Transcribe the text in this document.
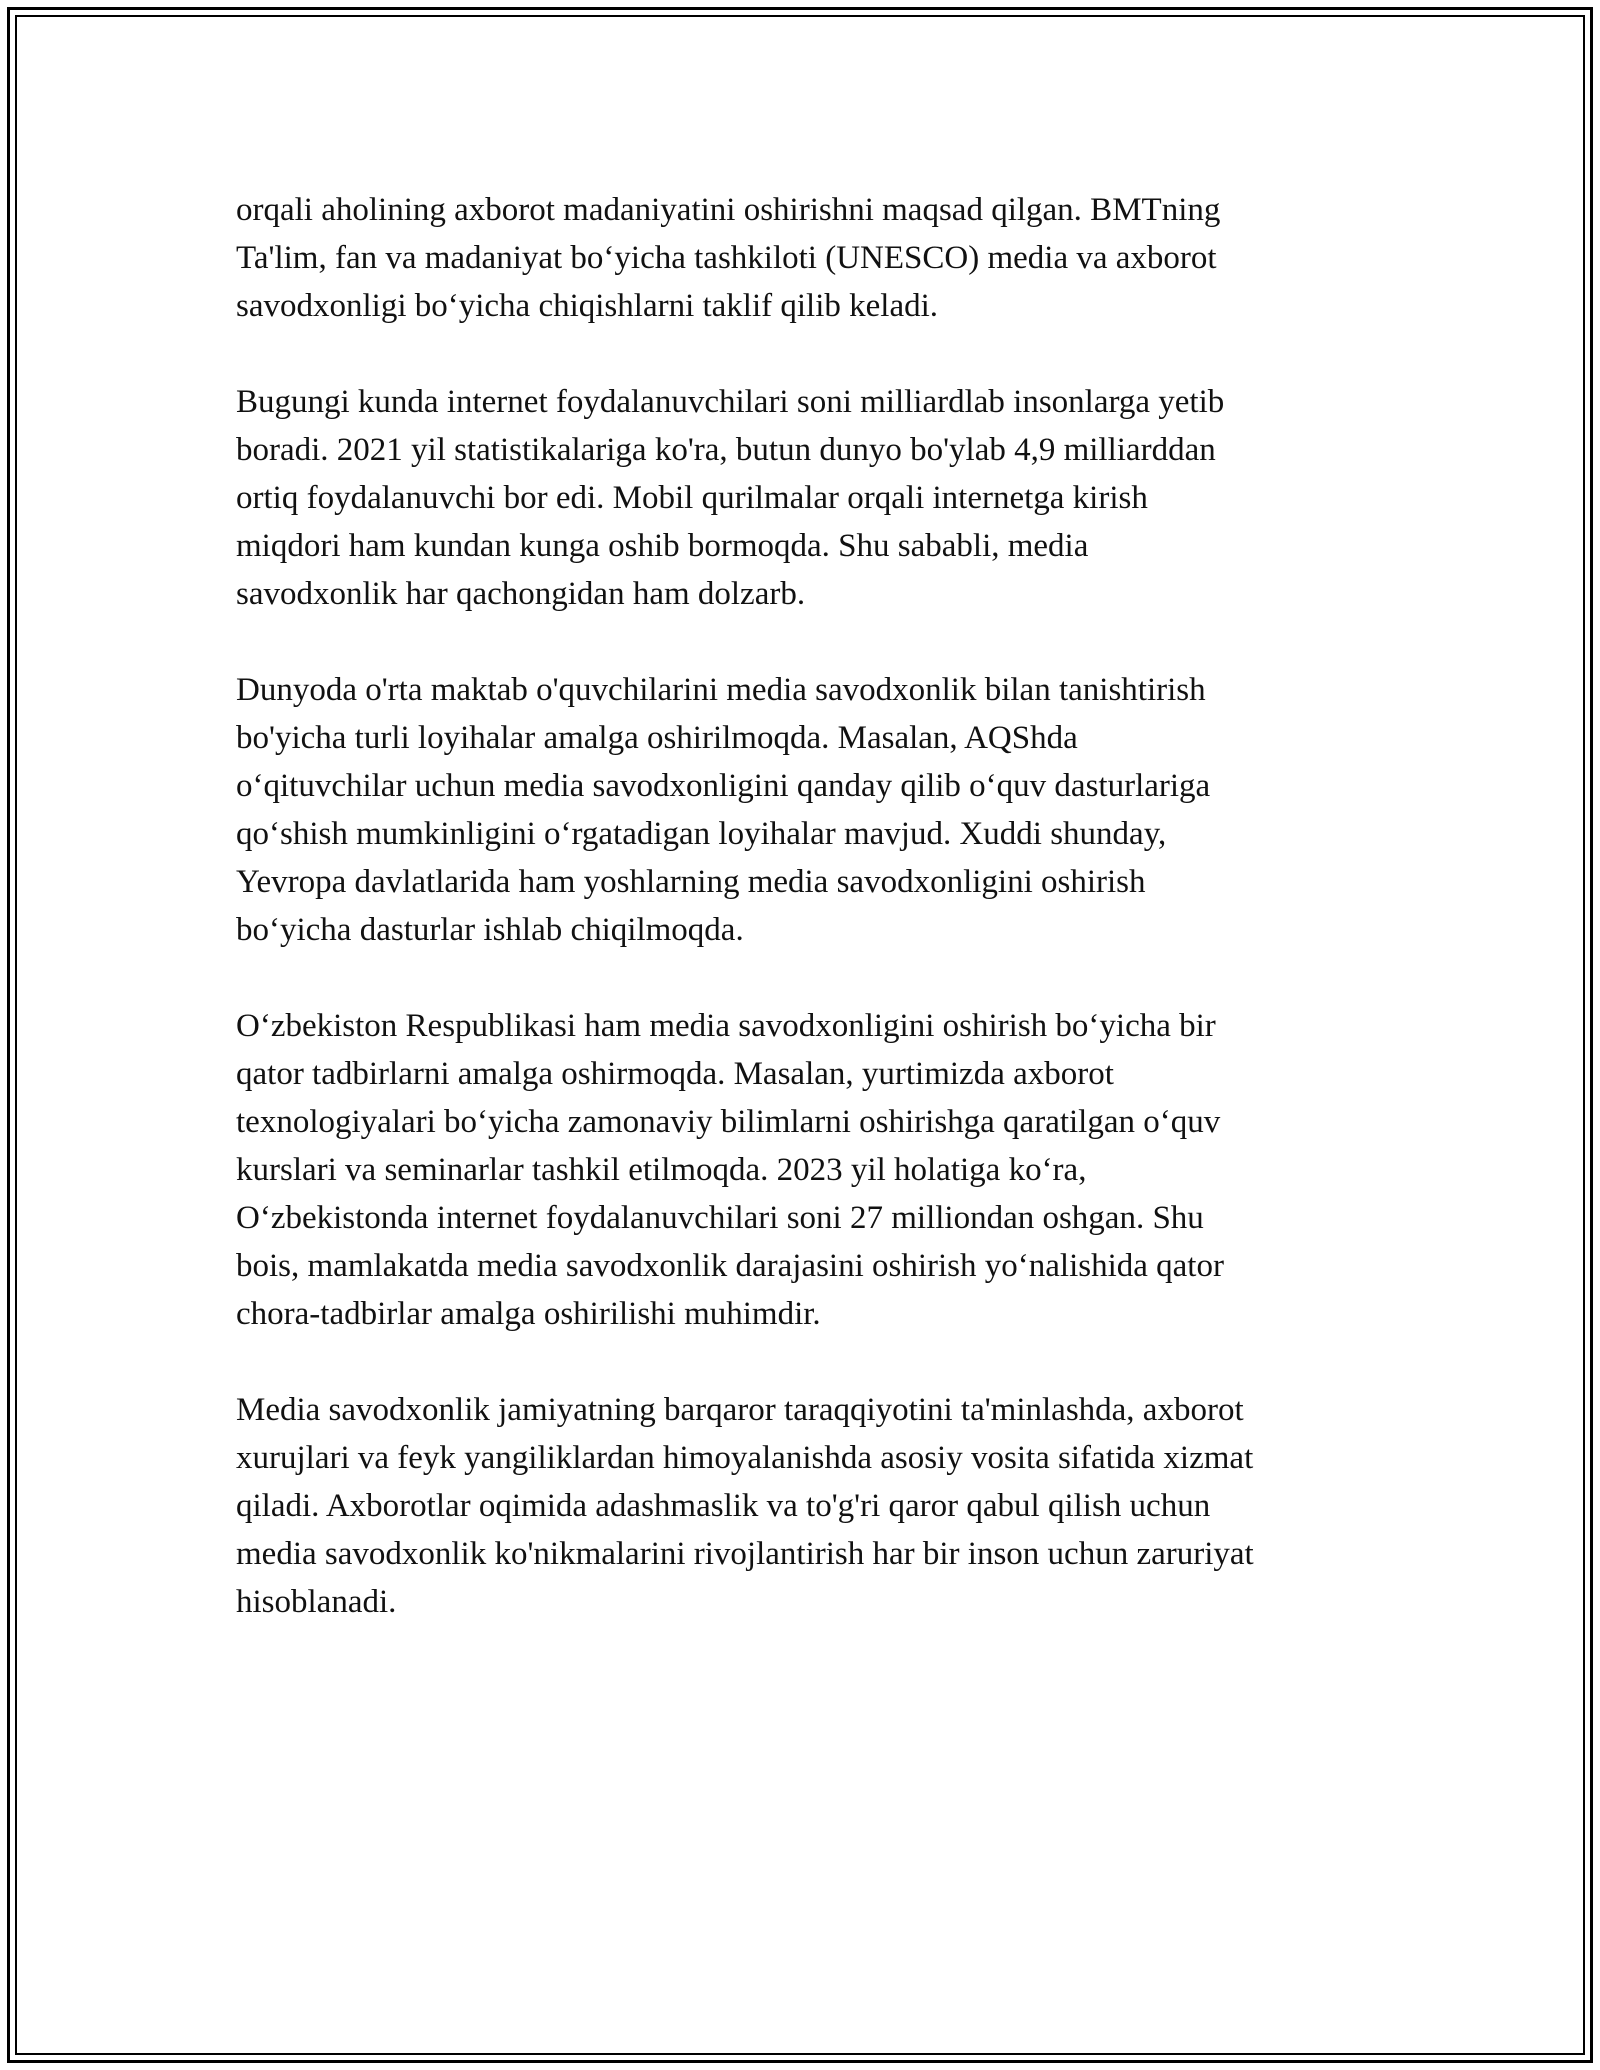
orqali aholining axborot madaniyatini oshirishni maqsad qilgan. BMTning
Ta'lim, fan va madaniyat bo‘yicha tashkiloti (UNESCO) media va axborot
savodxonligi bo‘yicha chiqishlarni taklif qilib keladi.

Bugungi kunda internet foydalanuvchilari soni milliardlab insonlarga yetib
boradi. 2021 yil statistikalariga ko'ra, butun dunyo bo'ylab 4,9 milliarddan
ortiq foydalanuvchi bor edi. Mobil qurilmalar orqali internetga kirish
miqdori ham kundan kunga oshib bormoqda. Shu sababli, media
savodxonlik har qachongidan ham dolzarb.

Dunyoda o'rta maktab o'quvchilarini media savodxonlik bilan tanishtirish
bo'yicha turli loyihalar amalga oshirilmoqda. Masalan, AQShda
o‘qituvchilar uchun media savodxonligini qanday qilib o‘quv dasturlariga
qo‘shish mumkinligini o‘rgatadigan loyihalar mavjud. Xuddi shunday,
Yevropa davlatlarida ham yoshlarning media savodxonligini oshirish
bo‘yicha dasturlar ishlab chiqilmoqda.

O‘zbekiston Respublikasi ham media savodxonligini oshirish bo‘yicha bir
qator tadbirlarni amalga oshirmoqda. Masalan, yurtimizda axborot
texnologiyalari bo‘yicha zamonaviy bilimlarni oshirishga qaratilgan o‘quv
kurslari va seminarlar tashkil etilmoqda. 2023 yil holatiga ko‘ra,
O‘zbekistonda internet foydalanuvchilari soni 27 milliondan oshgan. Shu
bois, mamlakatda media savodxonlik darajasini oshirish yo‘nalishida qator
chora-tadbirlar amalga oshirilishi muhimdir.

Media savodxonlik jamiyatning barqaror taraqqiyotini ta'minlashda, axborot
xurujlari va feyk yangiliklardan himoyalanishda asosiy vosita sifatida xizmat
qiladi. Axborotlar oqimida adashmaslik va to'g'ri qaror qabul qilish uchun
media savodxonlik ko'nikmalarini rivojlantirish har bir inson uchun zaruriyat
hisoblanadi.
